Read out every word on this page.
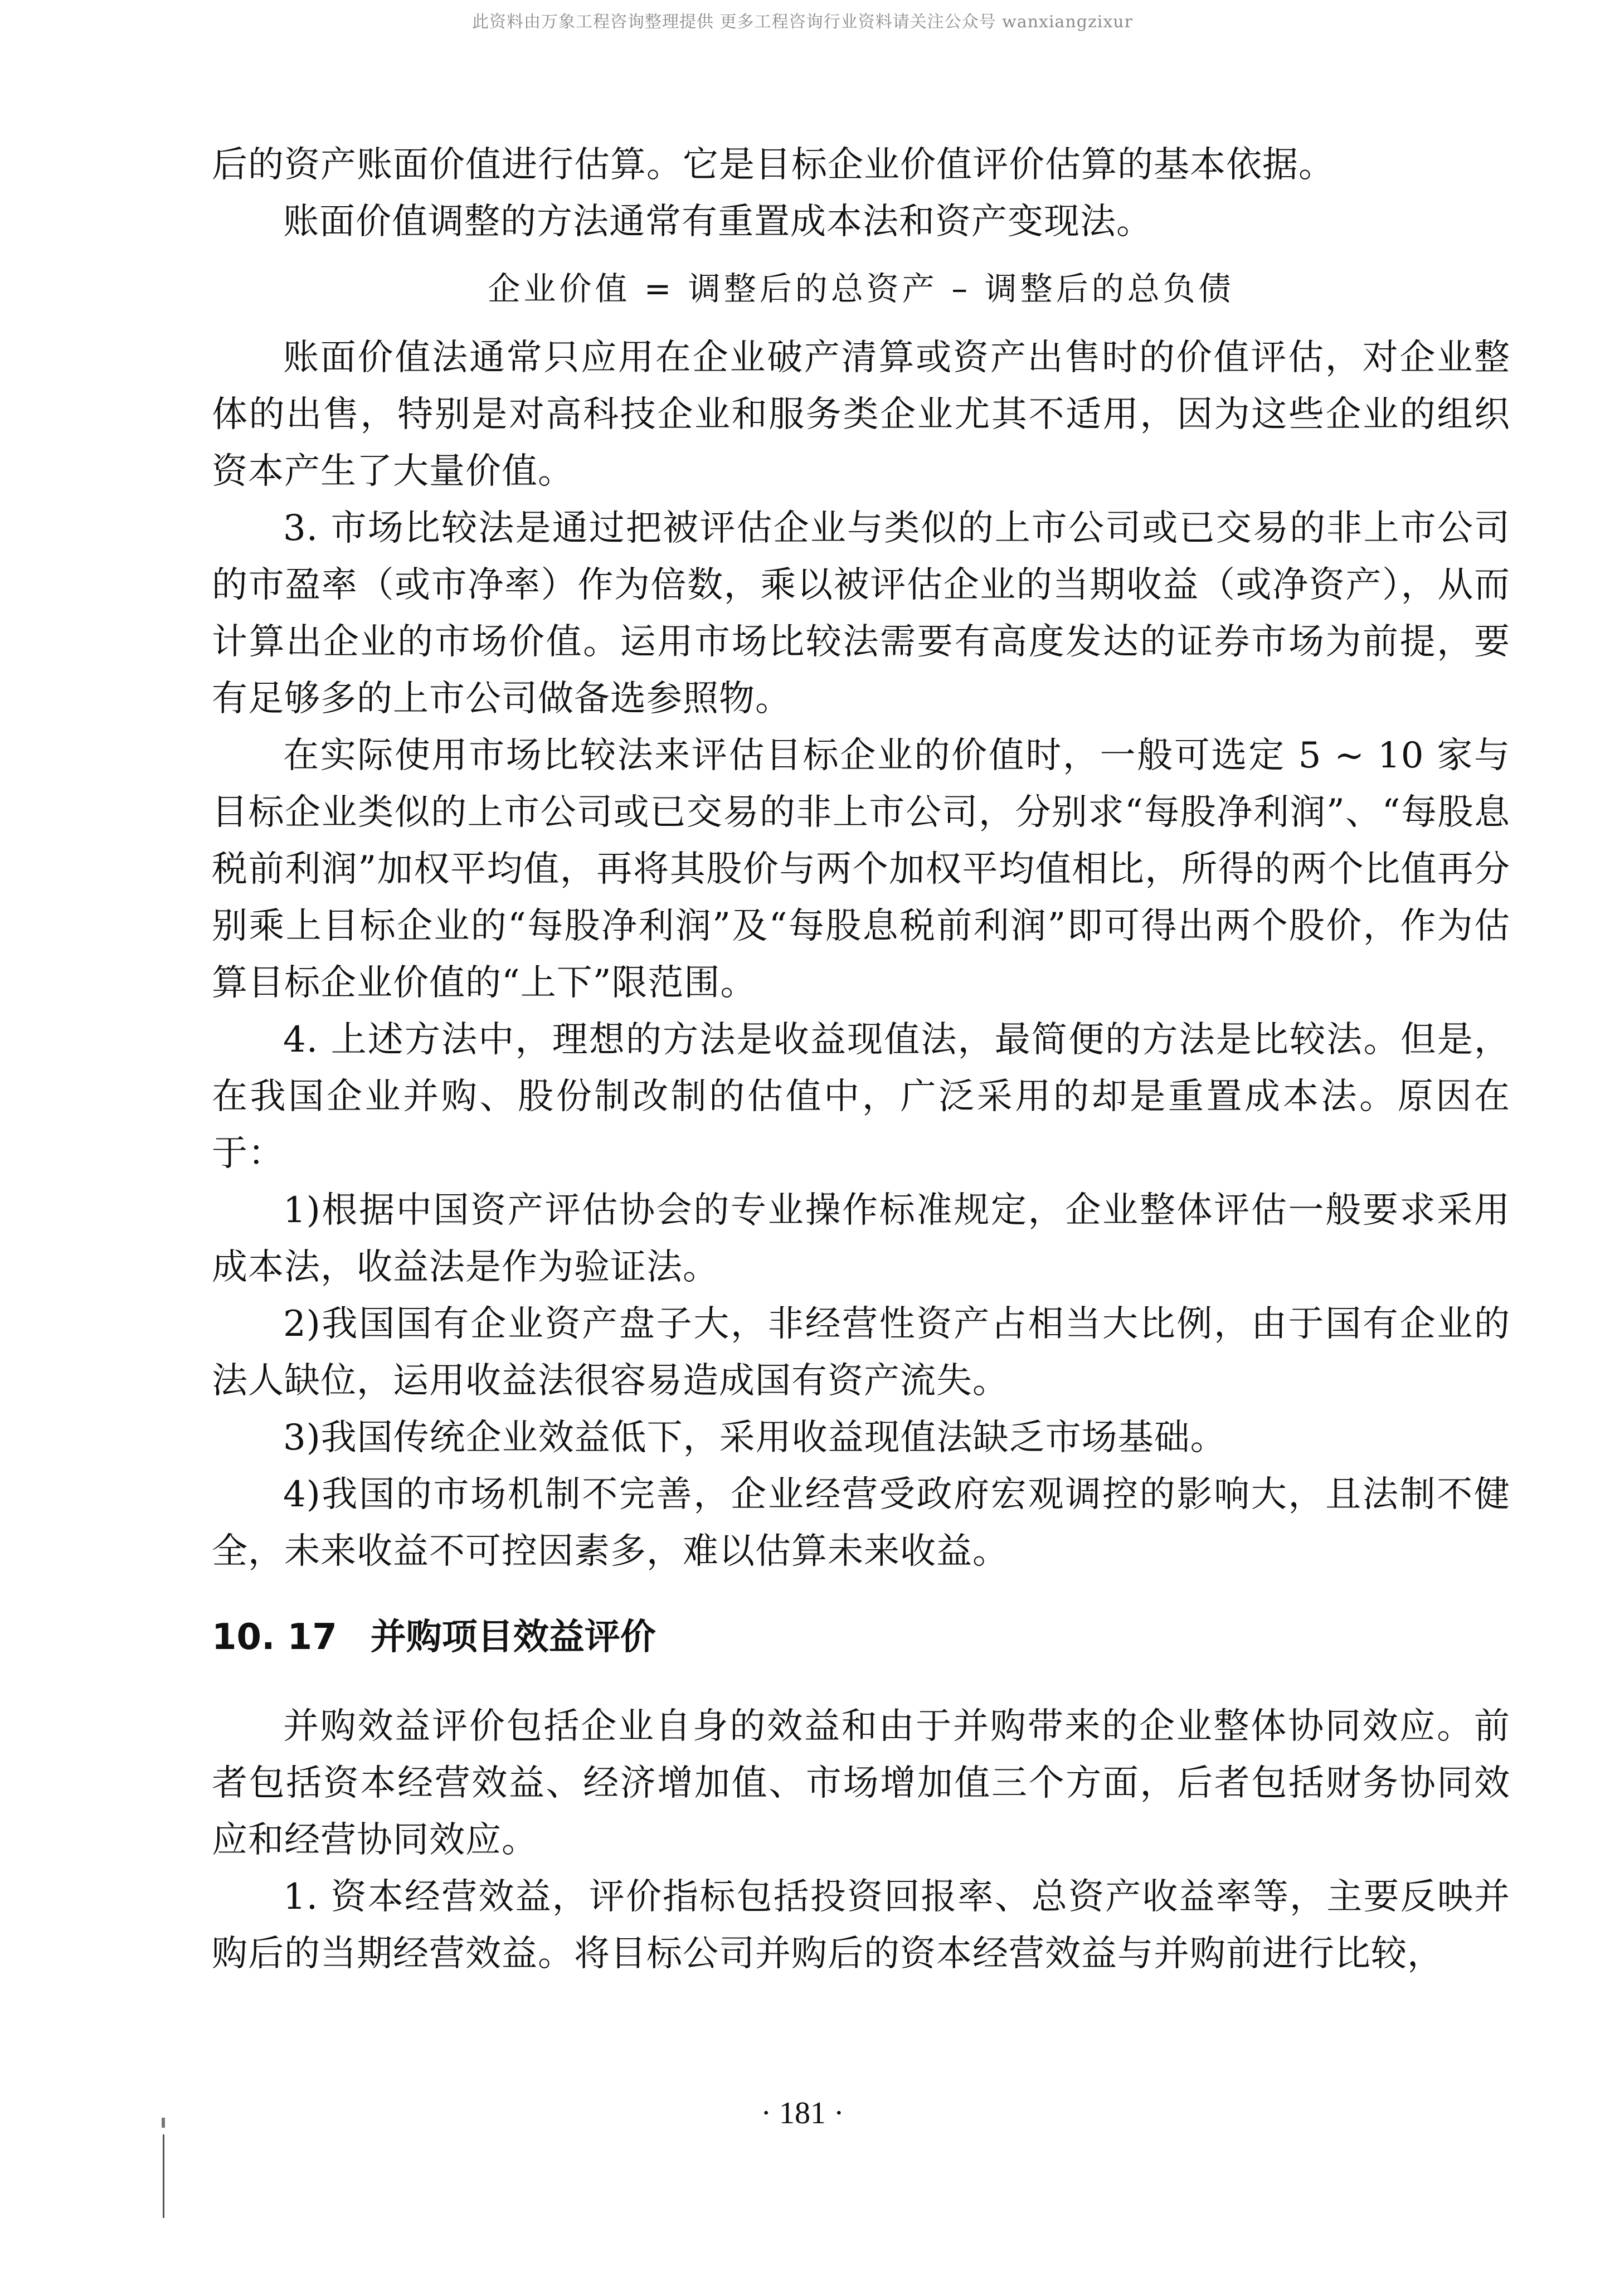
此资料由万象工程咨询整理提供 更多工程咨询行业资料请关注公众号 wanxiangzixur

后的资产账面价值进行估算。它是目标企业价值评价估算的基本依据。

账面价值调整的方法通常有重置成本法和资产变现法。

企业价值 = 调整后的总资产 – 调整后的总负债

账面价值法通常只应用在企业破产清算或资产出售时的价值评估，对企业整体的出售，特别是对高科技企业和服务类企业尤其不适用，因为这些企业的组织资本产生了大量价值。

3. 市场比较法是通过把被评估企业与类似的上市公司或已交易的非上市公司的市盈率（或市净率）作为倍数，乘以被评估企业的当期收益（或净资产），从而计算出企业的市场价值。运用市场比较法需要有高度发达的证券市场为前提，要有足够多的上市公司做备选参照物。

在实际使用市场比较法来评估目标企业的价值时，一般可选定 5 ~ 10 家与目标企业类似的上市公司或已交易的非上市公司，分别求“每股净利润”、“每股息税前利润”加权平均值，再将其股价与两个加权平均值相比，所得的两个比值再分别乘上目标企业的“每股净利润”及“每股息税前利润”即可得出两个股价，作为估算目标企业价值的“上下”限范围。

4. 上述方法中，理想的方法是收益现值法，最简便的方法是比较法。但是，在我国企业并购、股份制改制的估值中，广泛采用的却是重置成本法。原因在于：

1)根据中国资产评估协会的专业操作标准规定，企业整体评估一般要求采用成本法，收益法是作为验证法。

2)我国国有企业资产盘子大，非经营性资产占相当大比例，由于国有企业的法人缺位，运用收益法很容易造成国有资产流失。

3)我国传统企业效益低下，采用收益现值法缺乏市场基础。

4)我国的市场机制不完善，企业经营受政府宏观调控的影响大，且法制不健全，未来收益不可控因素多，难以估算未来收益。

10. 17 并购项目效益评价

并购效益评价包括企业自身的效益和由于并购带来的企业整体协同效应。前者包括资本经营效益、经济增加值、市场增加值三个方面，后者包括财务协同效应和经营协同效应。

1. 资本经营效益，评价指标包括投资回报率、总资产收益率等，主要反映并购后的当期经营效益。将目标公司并购后的资本经营效益与并购前进行比较，

· 181 ·
